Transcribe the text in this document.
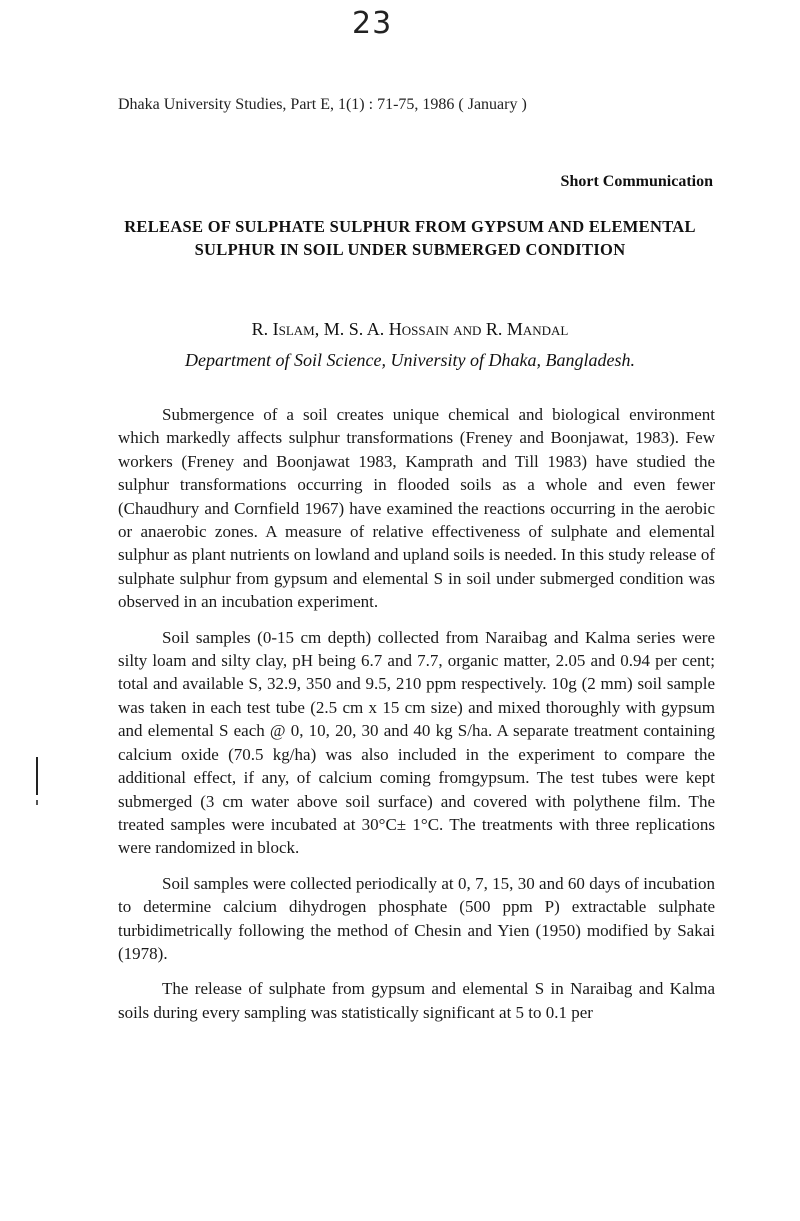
23
Dhaka University Studies, Part E, 1(1) : 71-75, 1986 ( January )
Short Communication
RELEASE OF SULPHATE SULPHUR FROM GYPSUM AND ELEMENTAL SULPHUR IN SOIL UNDER SUBMERGED CONDITION
R. Islam, M. S. A. Hossain and R. Mandal
Department of Soil Science, University of Dhaka, Bangladesh.

Submergence of a soil creates unique chemical and biological environment which markedly affects sulphur transformations (Freney and Boonjawat, 1983). Few workers (Freney and Boonjawat 1983, Kamprath and Till 1983) have studied the sulphur transformations occurring in flooded soils as a whole and even fewer (Chaudhury and Cornfield 1967) have examined the reactions occurring in the aerobic or anaerobic zones. A measure of relative effectiveness of sulphate and elemental sulphur as plant nutrients on lowland and upland soils is needed. In this study release of sulphate sulphur from gypsum and elemental S in soil under submerged condition was observed in an incubation experiment.

Soil samples (0-15 cm depth) collected from Naraibag and Kalma series were silty loam and silty clay, pH being 6.7 and 7.7, organic matter, 2.05 and 0.94 per cent; total and available S, 32.9, 350 and 9.5, 210 ppm respectively. 10g (2 mm) soil sample was taken in each test tube (2.5 cm x 15 cm size) and mixed thoroughly with gypsum and elemental S each @ 0, 10, 20, 30 and 40 kg S/ha. A separate treatment containing calcium oxide (70.5 kg/ha) was also included in the experiment to compare the additional effect, if any, of calcium coming fromgypsum. The test tubes were kept submerged (3 cm water above soil surface) and covered with polythene film. The treated samples were incubated at 30°C± 1°C. The treatments with three replications were randomized in block.

Soil samples were collected periodically at 0, 7, 15, 30 and 60 days of incubation to determine calcium dihydrogen phosphate (500 ppm P) extractable sulphate turbidimetrically following the method of Chesin and Yien (1950) modified by Sakai (1978).

The release of sulphate from gypsum and elemental S in Naraibag and Kalma soils during every sampling was statistically significant at 5 to 0.1 per
